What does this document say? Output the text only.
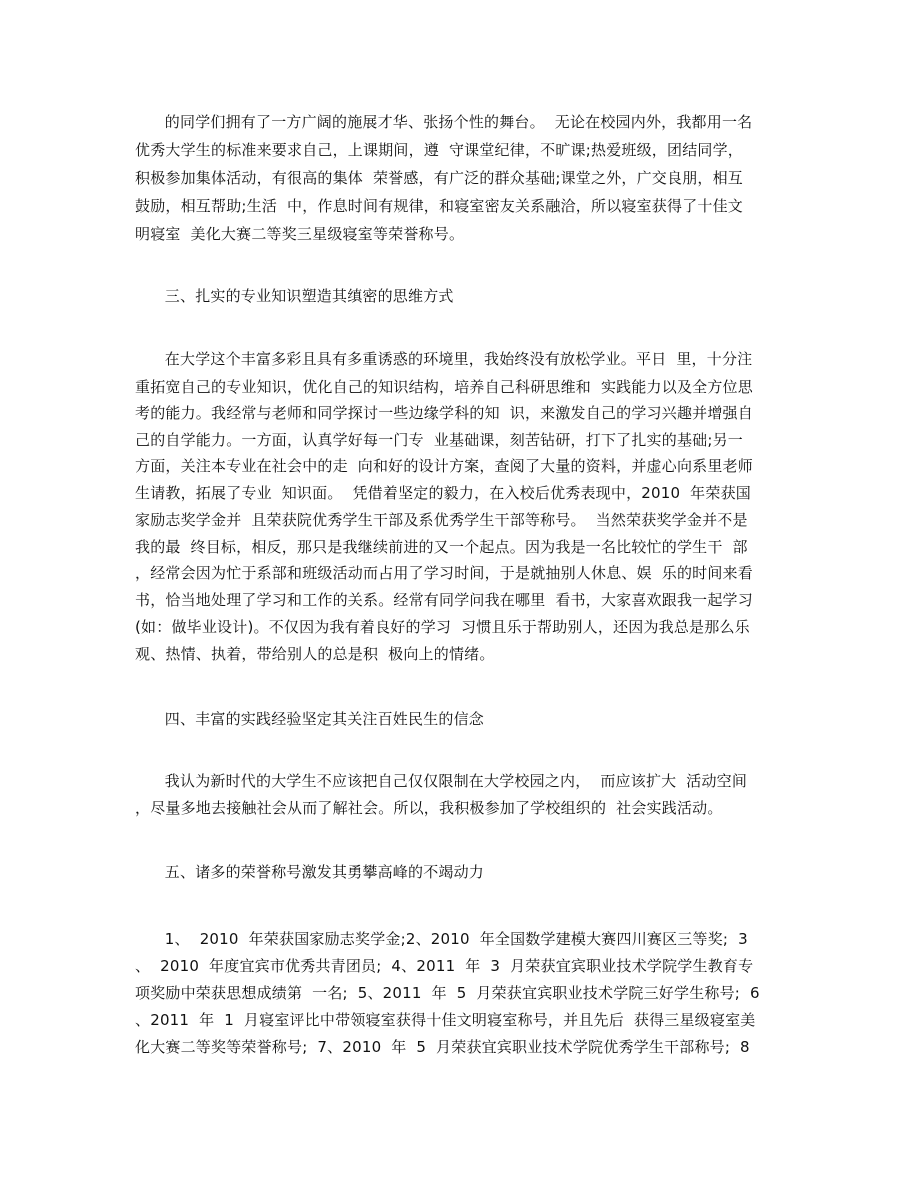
的同学们拥有了一方广阔的施展才华、张扬个性的舞台。  无论在校园内外，我都用一名
优秀大学生的标准来要求自己，上课期间，遵  守课堂纪律，不旷课;热爱班级，团结同学，
积极参加集体活动，有很高的集体  荣誉感，有广泛的群众基础;课堂之外，广交良朋，相互
鼓励，相互帮助;生活  中，作息时间有规律，和寝室密友关系融洽，所以寝室获得了十佳文
明寝室  美化大赛二等奖三星级寝室等荣誉称号。
三、扎实的专业知识塑造其缜密的思维方式
在大学这个丰富多彩且具有多重诱惑的环境里，我始终没有放松学业。平日  里，十分注
重拓宽自己的专业知识，优化自己的知识结构，培养自己科研思维和  实践能力以及全方位思
考的能力。我经常与老师和同学探讨一些边缘学科的知  识，来激发自己的学习兴趣并增强自
己的自学能力。一方面，认真学好每一门专  业基础课，刻苦钻研，打下了扎实的基础;另一
方面，关注本专业在社会中的走  向和好的设计方案，查阅了大量的资料，并虚心向系里老师
生请教，拓展了专业  知识面。  凭借着坚定的毅力，在入校后优秀表现中，2010  年荣获国
家励志奖学金并  且荣获院优秀学生干部及系优秀学生干部等称号。  当然荣获奖学金并不是
我的最  终目标，相反，那只是我继续前进的又一个起点。因为我是一名比较忙的学生干  部
，经常会因为忙于系部和班级活动而占用了学习时间，于是就抽别人休息、娱  乐的时间来看
书，恰当地处理了学习和工作的关系。经常有同学问我在哪里  看书，大家喜欢跟我一起学习
(如：做毕业设计)。不仅因为我有着良好的学习  习惯且乐于帮助别人，还因为我总是那么乐
观、热情、执着，带给别人的总是积  极向上的情绪。
四、丰富的实践经验坚定其关注百姓民生的信念
我认为新时代的大学生不应该把自己仅仅限制在大学校园之内，  而应该扩大  活动空间
，尽量多地去接触社会从而了解社会。所以，我积极参加了学校组织的  社会实践活动。
五、诸多的荣誉称号激发其勇攀高峰的不竭动力
1、  2010  年荣获国家励志奖学金;2、2010  年全国数学建模大赛四川赛区三等奖;  3
、  2010  年度宜宾市优秀共青团员;  4、2011  年  3  月荣获宜宾职业技术学院学生教育专
项奖励中荣获思想成绩第  一名;  5、2011  年  5  月荣获宜宾职业技术学院三好学生称号;  6
、2011  年  1  月寝室评比中带领寝室获得十佳文明寝室称号，并且先后  获得三星级寝室美
化大赛二等奖等荣誉称号;  7、2010  年  5  月荣获宜宾职业技术学院优秀学生干部称号;  8
